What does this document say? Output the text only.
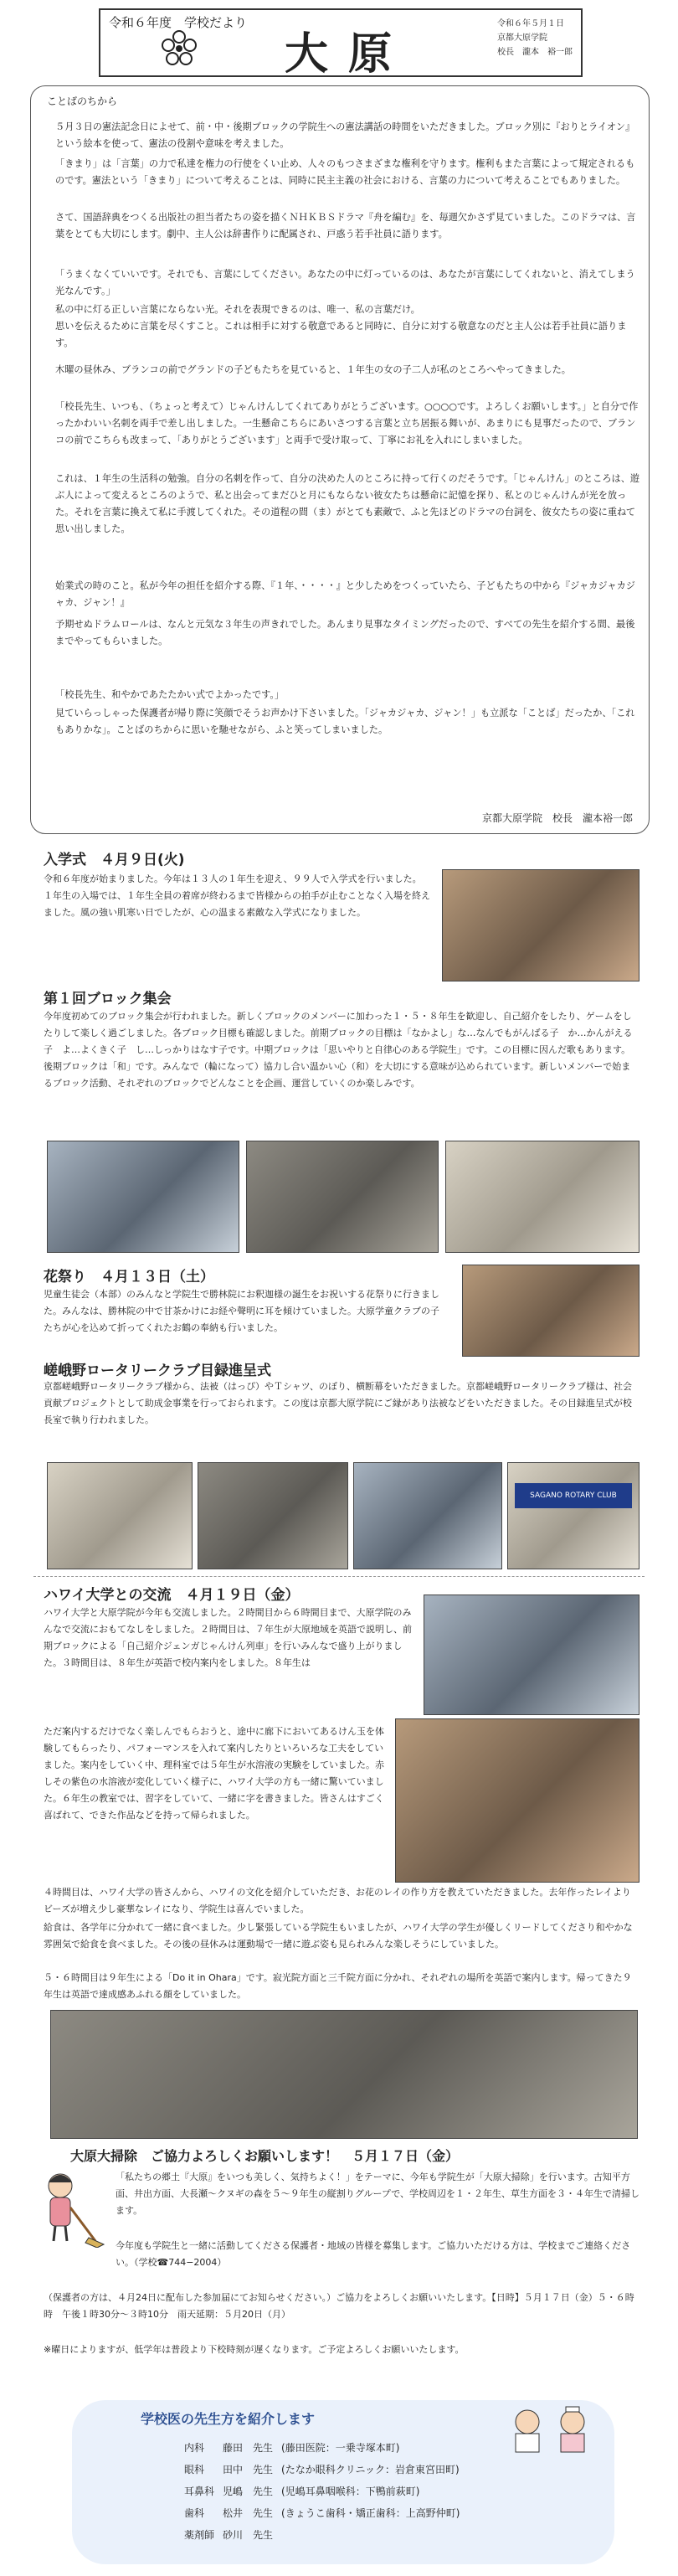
令和６年度　学校だより
大原
令和６年５月１日
京都大原学院
校長　瀧本　裕一郎
ことばのちから
５月３日の憲法記念日によせて、前・中・後期ブロックの学院生への憲法講話の時間をいただきました。ブロック別に『おりとライオン』という絵本を使って、憲法の役割や意味を考えました。
「きまり」は「言葉」の力で私達を権力の行使をくい止め、人々のもつさまざまな権利を守ります。権利もまた言葉によって規定されるものです。憲法という「きまり」について考えることは、同時に民主主義の社会における、言葉の力について考えることでもありました。
さて、国語辞典をつくる出版社の担当者たちの姿を描くＮＨＫＢＳドラマ『舟を編む』を、毎週欠かさず見ていました。このドラマは、言葉をとても大切にします。劇中、主人公は辞書作りに配属され、戸惑う若手社員に語ります。
「うまくなくていいです。それでも、言葉にしてください。あなたの中に灯っているのは、あなたが言葉にしてくれないと、消えてしまう光なんです。」
私の中に灯る正しい言葉にならない光。それを表現できるのは、唯一、私の言葉だけ。
思いを伝えるために言葉を尽くすこと。これは相手に対する敬意であると同時に、自分に対する敬意なのだと主人公は若手社員に語ります。
木曜の昼休み、ブランコの前でグランドの子どもたちを見ていると、１年生の女の子二人が私のところへやってきました。
「校長先生、いつも、（ちょっと考えて）じゃんけんしてくれてありがとうございます。○○○○です。よろしくお願いします。」と自分で作ったかわいい名刺を両手で差し出しました。一生懸命こちらにあいさつする言葉と立ち居振る舞いが、あまりにも見事だったので、ブランコの前でこちらも改まって、「ありがとうございます」と両手で受け取って、丁寧にお礼を入れにしまいました。
これは、１年生の生活科の勉強。自分の名刺を作って、自分の決めた人のところに持って行くのだそうです。「じゃんけん」のところは、遊ぶ人によって変えるところのようで、私と出会ってまだひと月にもならない彼女たちは懸命に記憶を探り、私とのじゃんけんが光を放った。それを言葉に換えて私に手渡してくれた。その道程の間（ま）がとても素敵で、ふと先ほどのドラマの台詞を、彼女たちの姿に重ねて思い出しました。
始業式の時のこと。私が今年の担任を紹介する際、『１年、・・・・』と少しためをつくっていたら、子どもたちの中から『ジャカジャカジャカ、ジャン！』
予期せぬドラムロールは、なんと元気な３年生の声きれでした。あんまり見事なタイミングだったので、すべての先生を紹介する間、最後までやってもらいました。
「校長先生、和やかであたたかい式でよかったです。」
見ていらっしゃった保護者が帰り際に笑顔でそうお声かけ下さいました。「ジャカジャカ、ジャン！」も立派な「ことば」だったか、「これもありかな」。ことばのちからに思いを馳せながら、ふと笑ってしまいました。
京都大原学院　校長　瀧本裕一郎
入学式　４月９日(火)
令和６年度が始まりました。今年は１３人の１年生を迎え、９９人で入学式を行いました。１年生の入場では、１年生全員の着席が終わるまで皆様からの拍手が止むことなく入場を終えました。風の強い肌寒い日でしたが、心の温まる素敵な入学式になりました。
第１回ブロック集会
今年度初めてのブロック集会が行われました。新しくブロックのメンバーに加わった１・５・８年生を歓迎し、自己紹介をしたり、ゲームをしたりして楽しく過ごしました。各ブロック目標も確認しました。前期ブロックの目標は「なかよし」な…なんでもがんばる子　か…かんがえる子　よ…よくきく子　し…しっかりはなす子です。中期ブロックは「思いやりと自律心のある学院生」です。この目標に因んだ歌もあります。後期ブロックは「和」です。みんなで（輪になって）協力し合い温かい心（和）を大切にする意味が込められています。新しいメンバーで始まるブロック活動、それぞれのブロックでどんなことを企画、運営していくのか楽しみです。
花祭り　４月１３日（土）
児童生徒会（本部）のみんなと学院生で勝林院にお釈迦様の誕生をお祝いする花祭りに行きました。みんなは、勝林院の中で甘茶かけにお経や聲明に耳を傾けていました。大原学童クラブの子たちが心を込めて折ってくれたお鶴の奉納も行いました。
嵯峨野ロータリークラブ目録進呈式
京都嵯峨野ロータリークラブ様から、法被（はっぴ）やＴシャツ、のぼり、横断幕をいただきました。京都嵯峨野ロータリークラブ様は、社会貢献プロジェクトとして助成金事業を行っておられます。この度は京都大原学院にご縁があり法被などをいただきました。その目録進呈式が校長室で執り行われました。
SAGANO ROTARY CLUB
ハワイ大学との交流　４月１９日（金）
ハワイ大学と大原学院が今年も交流しました。２時間目から６時間目まで、大原学院のみんなで交流におもてなしをしました。２時間目は、７年生が大原地域を英語で説明し、前期ブロックによる「自己紹介ジェンガじゃんけん列車」を行いみんなで盛り上がりました。３時間目は、８年生が英語で校内案内をしました。８年生は
ただ案内するだけでなく楽しんでもらおうと、途中に廊下においてあるけん玉を体験してもらったり、パフォーマンスを入れて案内したりといろいろな工夫をしていました。案内をしていく中、理科室では５年生が水溶液の実験をしていました。赤しその紫色の水溶液が変化していく様子に、ハワイ大学の方も一緒に驚いていました。６年生の教室では、習字をしていて、一緒に字を書きました。皆さんはすごく喜ばれて、できた作品などを持って帰られました。
４時間目は、ハワイ大学の皆さんから、ハワイの文化を紹介していただき、お花のレイの作り方を教えていただきました。去年作ったレイよりビーズが増え少し豪華なレイになり、学院生は喜んでいました。
給食は、各学年に分かれて一緒に食べました。少し緊張している学院生もいましたが、ハワイ大学の学生が優しくリードしてくださり和やかな雰囲気で給食を食べました。その後の昼休みは運動場で一緒に遊ぶ姿も見られみんな楽しそうにしていました。
５・６時間目は９年生による「Do it in Ohara」です。寂光院方面と三千院方面に分かれ、それぞれの場所を英語で案内します。帰ってきた９年生は英語で達成感あふれる顔をしていました。
大原大掃除　ご協力よろしくお願いします！　５月１７日（金）
「私たちの郷土『大原』をいつも美しく、気持ちよく！」をテーマに、今年も学院生が「大原大掃除」を行います。古知平方面、井出方面、大長瀬〜クヌギの森を５〜９年生の縦割りグループで、学校周辺を１・２年生、草生方面を３・４年生で清掃します。
今年度も学院生と一緒に活動してくださる保護者・地域の皆様を募集します。ご協力いただける方は、学校までご連絡ください。（学校☎744−2004）
（保護者の方は、４月24日に配布した参加届にてお知らせください。）ご協力をよろしくお願いいたします。【日時】５月１７日（金）５・６時時　午後１時30分〜３時10分　雨天延期：５月20日（月）
※曜日によりますが、低学年は普段より下校時刻が遅くなります。ご予定よろしくお願いいたします。
学校医の先生方を紹介します
内科	藤田　先生	(藤田医院：一乗寺塚本町)
眼科	田中　先生	(たなか眼科クリニック：岩倉東宮田町)
耳鼻科	児嶋　先生	(児嶋耳鼻咽喉科：下鴨前萩町)
歯科	松井　先生	(きょうこ歯科・矯正歯科：上高野仲町)
薬剤師	砂川　先生	
